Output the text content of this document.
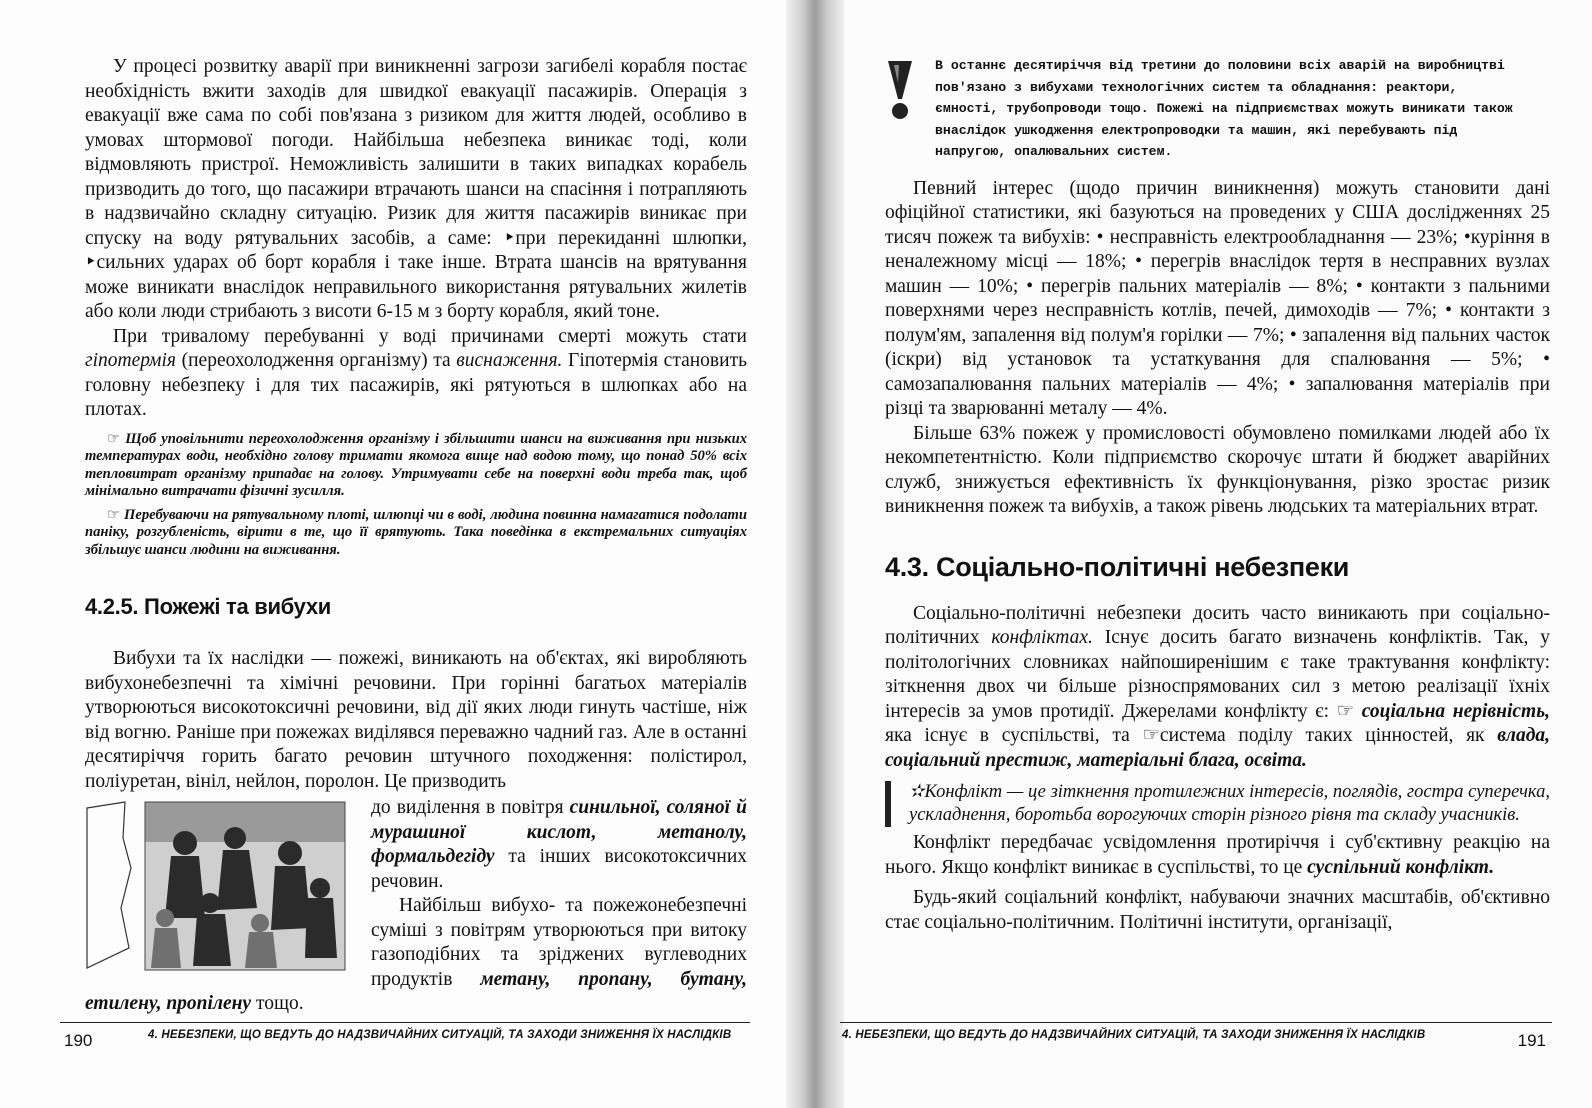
У процесі розвитку аварії при виникненні загрози загибелі корабля постає необхідність вжити заходів для швидкої евакуації пасажирів. Операція з евакуації вже сама по собі пов'язана з ризиком для життя людей, особливо в умовах штормової погоди. Найбільша небезпека виникає тоді, коли відмовляють пристрої. Неможливість залишити в таких випадках корабель призводить до того, що пасажири втрачають шанси на спасіння і потрапляють в надзвичайно складну ситуацію. Ризик для життя пасажирів виникає при спуску на воду рятувальних засобів, а саме: ‣при перекиданні шлюпки, ‣сильних ударах об борт корабля і таке інше. Втрата шансів на врятування може виникати внаслідок неправильного використання рятувальних жилетів або коли люди стрибають з висоти 6-15 м з борту корабля, який тоне.

При тривалому перебуванні у воді причинами смерті можуть стати гіпотермія (переохолодження організму) та виснаження. Гіпотермія становить головну небезпеку і для тих пасажирів, які рятуються в шлюпках або на плотах.

☞ Щоб уповільнити переохолодження організму і збільшити шанси на виживання при низьких температурах води, необхідно голову тримати якомога вище над водою тому, що понад 50% всіх тепловитрат організму припадає на голову. Утримувати себе на поверхні води треба так, щоб мінімально витрачати фізичні зусилля.

☞ Перебуваючи на рятувальному плоті, шлюпці чи в воді, людина повинна намагатися подолати паніку, розгубленість, вірити в те, що її врятують. Така поведінка в екстремальних ситуаціях збільшує шанси людини на виживання.

4.2.5. Пожежі та вибухи

Вибухи та їх наслідки — пожежі, виникають на об'єктах, які виробляють вибухонебезпечні та хімічні речовини. При горінні багатьох матеріалів утворюються високотоксичні речовини, від дії яких люди гинуть частіше, ніж від вогню. Раніше при пожежах виділявся переважно чадний газ. Але в останні десятиріччя горить багато речовин штучного походження: полістирол, поліуретан, вініл, нейлон, поролон. Це призводить

до виділення в повітря синильної, соляної й мурашиної кислот, метанолу, формальдегіду та інших високотоксичних речовин.

Найбільш вибухо- та пожежонебезпечні суміші з повітрям утворюються при витоку газоподібних та зріджених вуглеводних продуктів метану, пропану, бутану, етилену, пропілену тощо.

190	4. НЕБЕЗПЕКИ, ЩО ВЕДУТЬ ДО НАДЗВИЧАЙНИХ СИТУАЦІЙ, ТА ЗАХОДИ ЗНИЖЕННЯ ЇХ НАСЛІДКІВ

В останнє десятиріччя від третини до половини всіх аварій на виробництві пов'язано з вибухами технологічних систем та обладнання: реактори, ємності, трубопроводи тощо. Пожежі на підприємствах можуть виникати також внаслідок ушкодження електропроводки та машин, які перебувають під напругою, опалювальних систем.

Певний інтерес (щодо причин виникнення) можуть становити дані офіційної статистики, які базуються на проведених у США дослідженнях 25 тисяч пожеж та вибухів: • несправність електрообладнання — 23%; •куріння в неналежному місці — 18%; • перегрів внаслідок тертя в несправних вузлах машин — 10%; • перегрів пальних матеріалів — 8%; • контакти з пальними поверхнями через несправність котлів, печей, димоходів — 7%; • контакти з полум'ям, запалення від полум'я горілки — 7%; • запалення від пальних часток (іскри) від установок та устаткування для спалювання — 5%; • самозапалювання пальних матеріалів — 4%; • запалювання матеріалів при різці та зварюванні металу — 4%.

Більше 63% пожеж у промисловості обумовлено помилками людей або їх некомпетентністю. Коли підприємство скорочує штати й бюджет аварійних служб, знижується ефективність їх функціонування, різко зростає ризик виникнення пожеж та вибухів, а також рівень людських та матеріальних втрат.

4.3. Соціально-політичні небезпеки

Соціально-політичні небезпеки досить часто виникають при соціально-політичних конфліктах. Існує досить багато визначень конфліктів. Так, у політологічних словниках найпоширенішим є таке трактування конфлікту: зіткнення двох чи більше різноспрямованих сил з метою реалізації їхніх інтересів за умов протидії. Джерелами конфлікту є: ☞ соціальна нерівність, яка існує в суспільстві, та ☞система поділу таких цінностей, як влада, соціальний престиж, матеріальні блага, освіта.

✫Конфлікт — це зіткнення протилежних інтересів, поглядів, гостра суперечка, ускладнення, боротьба ворогуючих сторін різного рівня та складу учасників.

Конфлікт передбачає усвідомлення протиріччя і суб'єктивну реакцію на нього. Якщо конфлікт виникає в суспільстві, то це суспільний конфлікт.

Будь-який соціальний конфлікт, набуваючи значних масштабів, об'єктивно стає соціально-політичним. Політичні інститути, організації,

4. НЕБЕЗПЕКИ, ЩО ВЕДУТЬ ДО НАДЗВИЧАЙНИХ СИТУАЦІЙ, ТА ЗАХОДИ ЗНИЖЕННЯ ЇХ НАСЛІДКІВ	191
